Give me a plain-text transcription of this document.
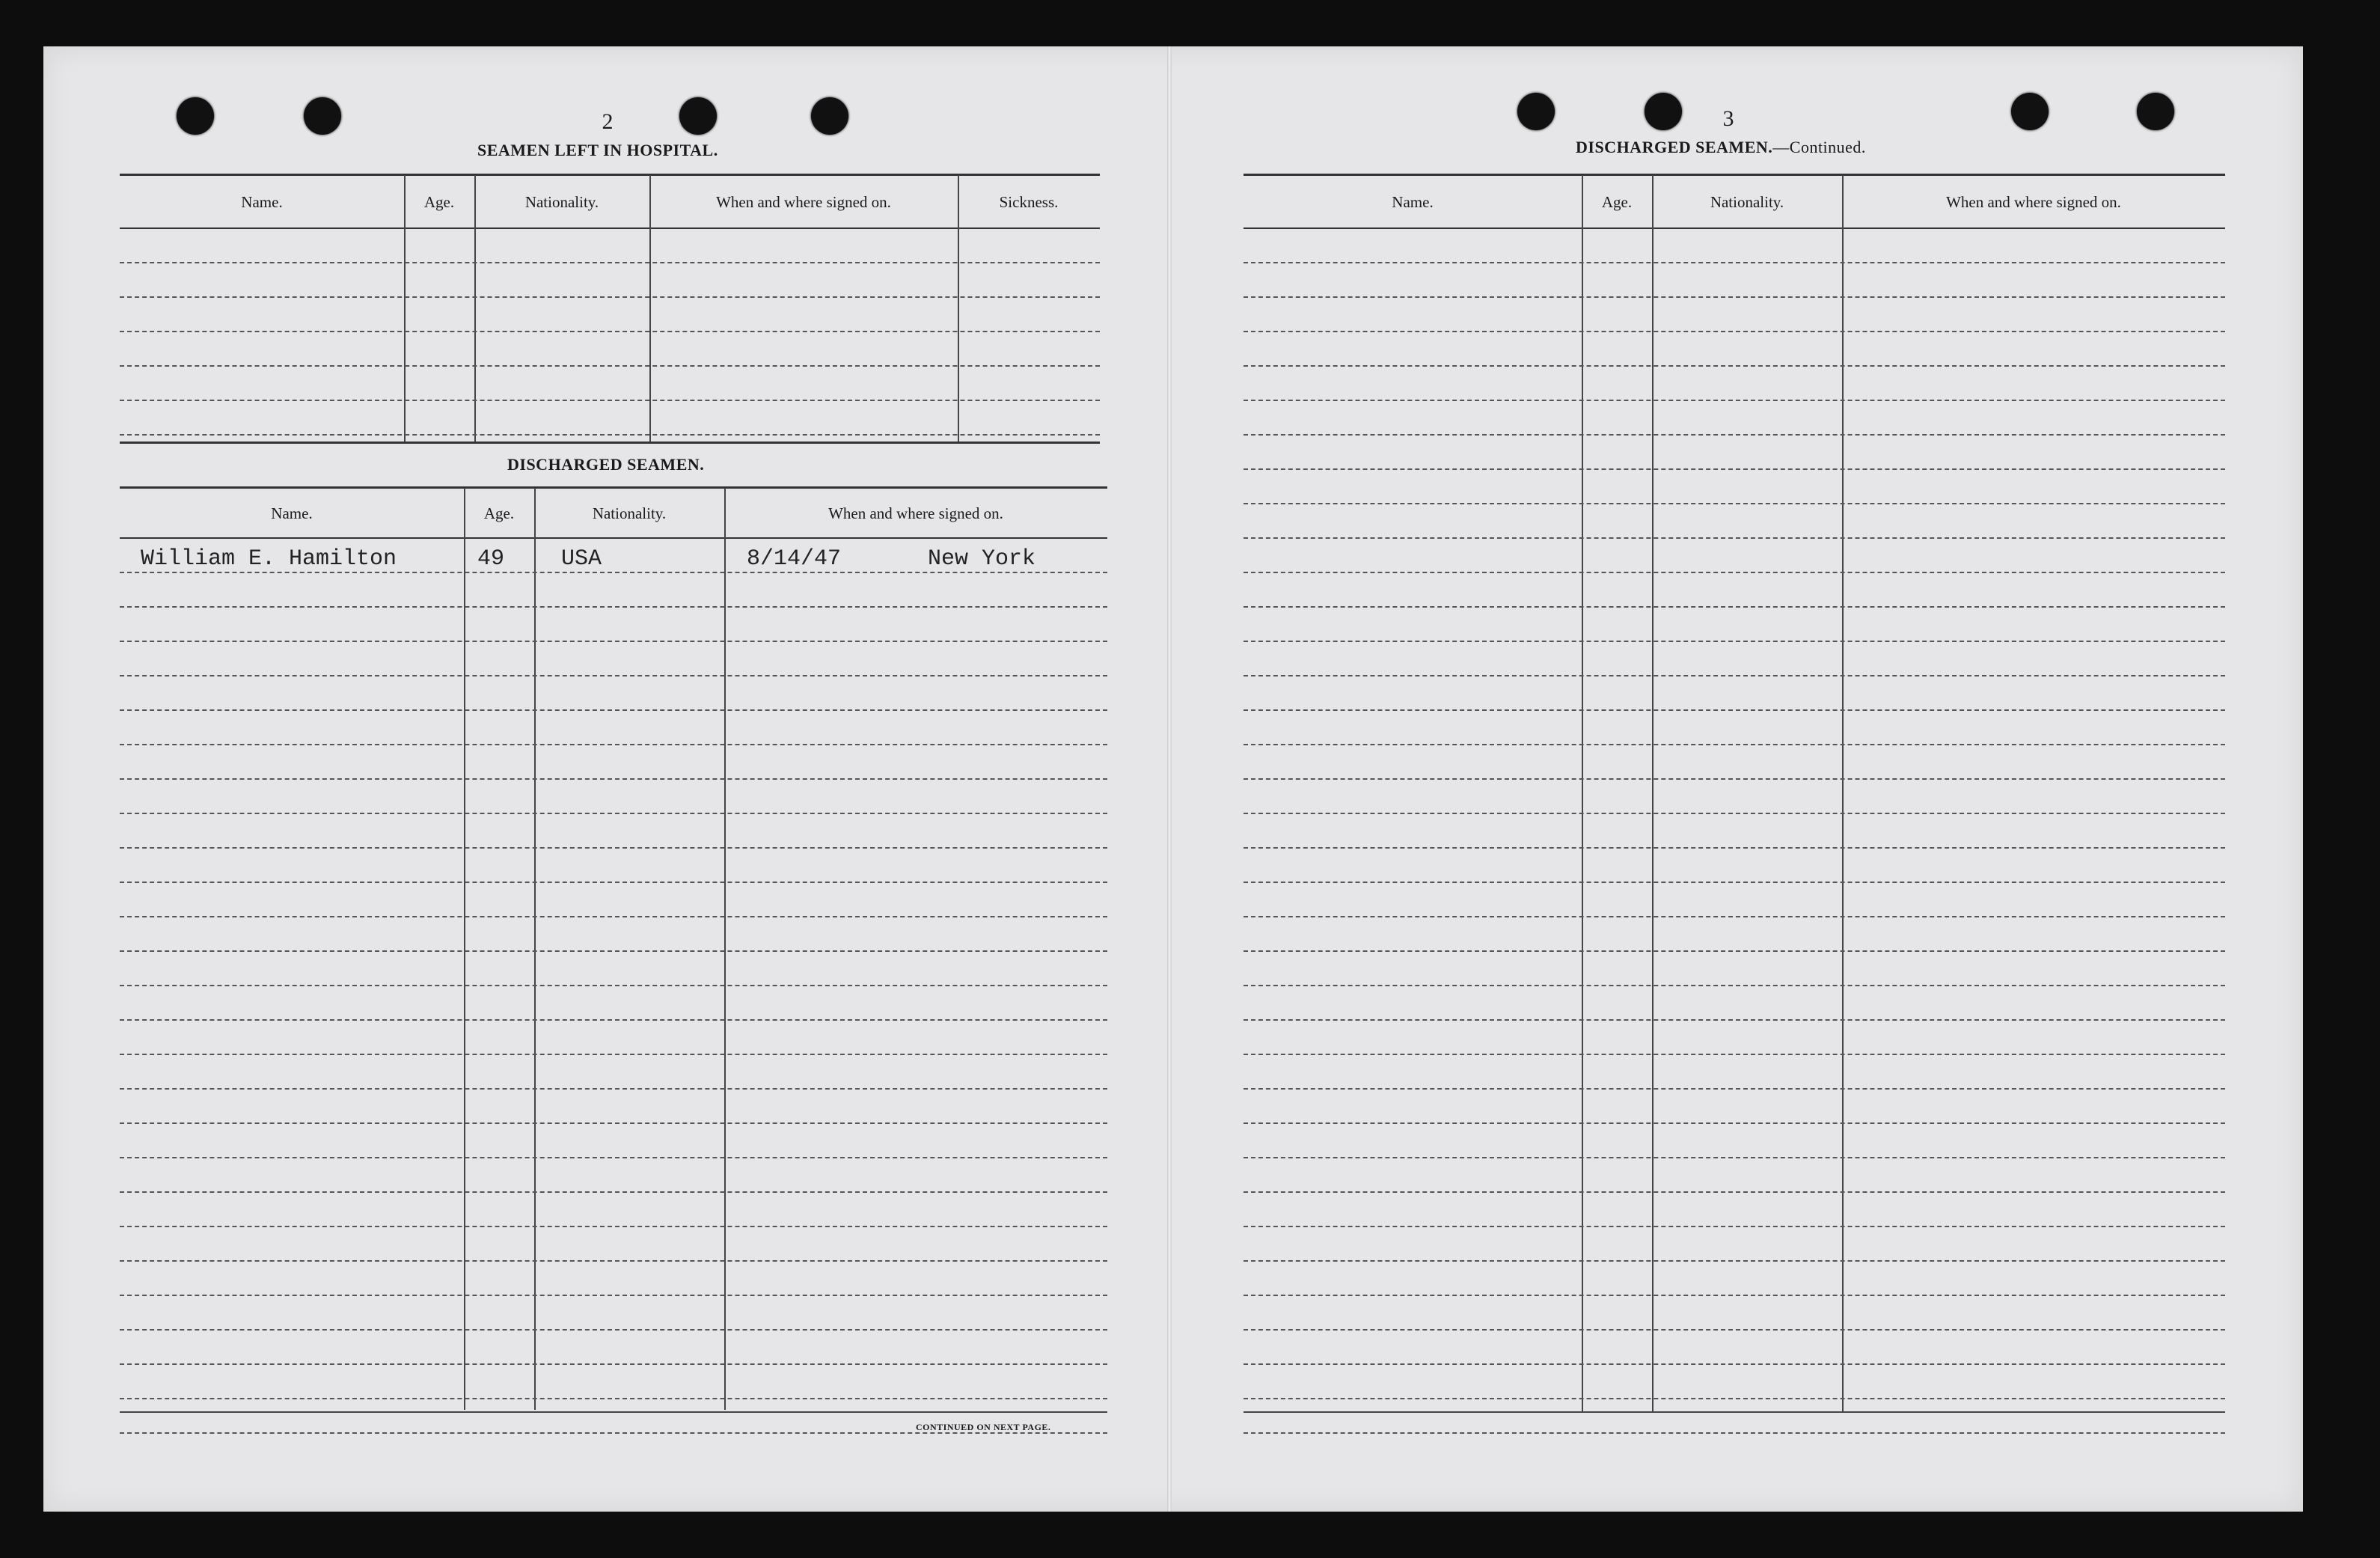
2
SEAMEN LEFT IN HOSPITAL.
Name.	Age.	Nationality.	When and where signed on.	Sickness.
DISCHARGED SEAMEN.
Name.	Age.	Nationality.	When and where signed on.
William E. Hamilton	49	USA	8/14/47	New York
CONTINUED ON NEXT PAGE.
3
DISCHARGED SEAMEN.—Continued.
Name.	Age.	Nationality.	When and where signed on.
